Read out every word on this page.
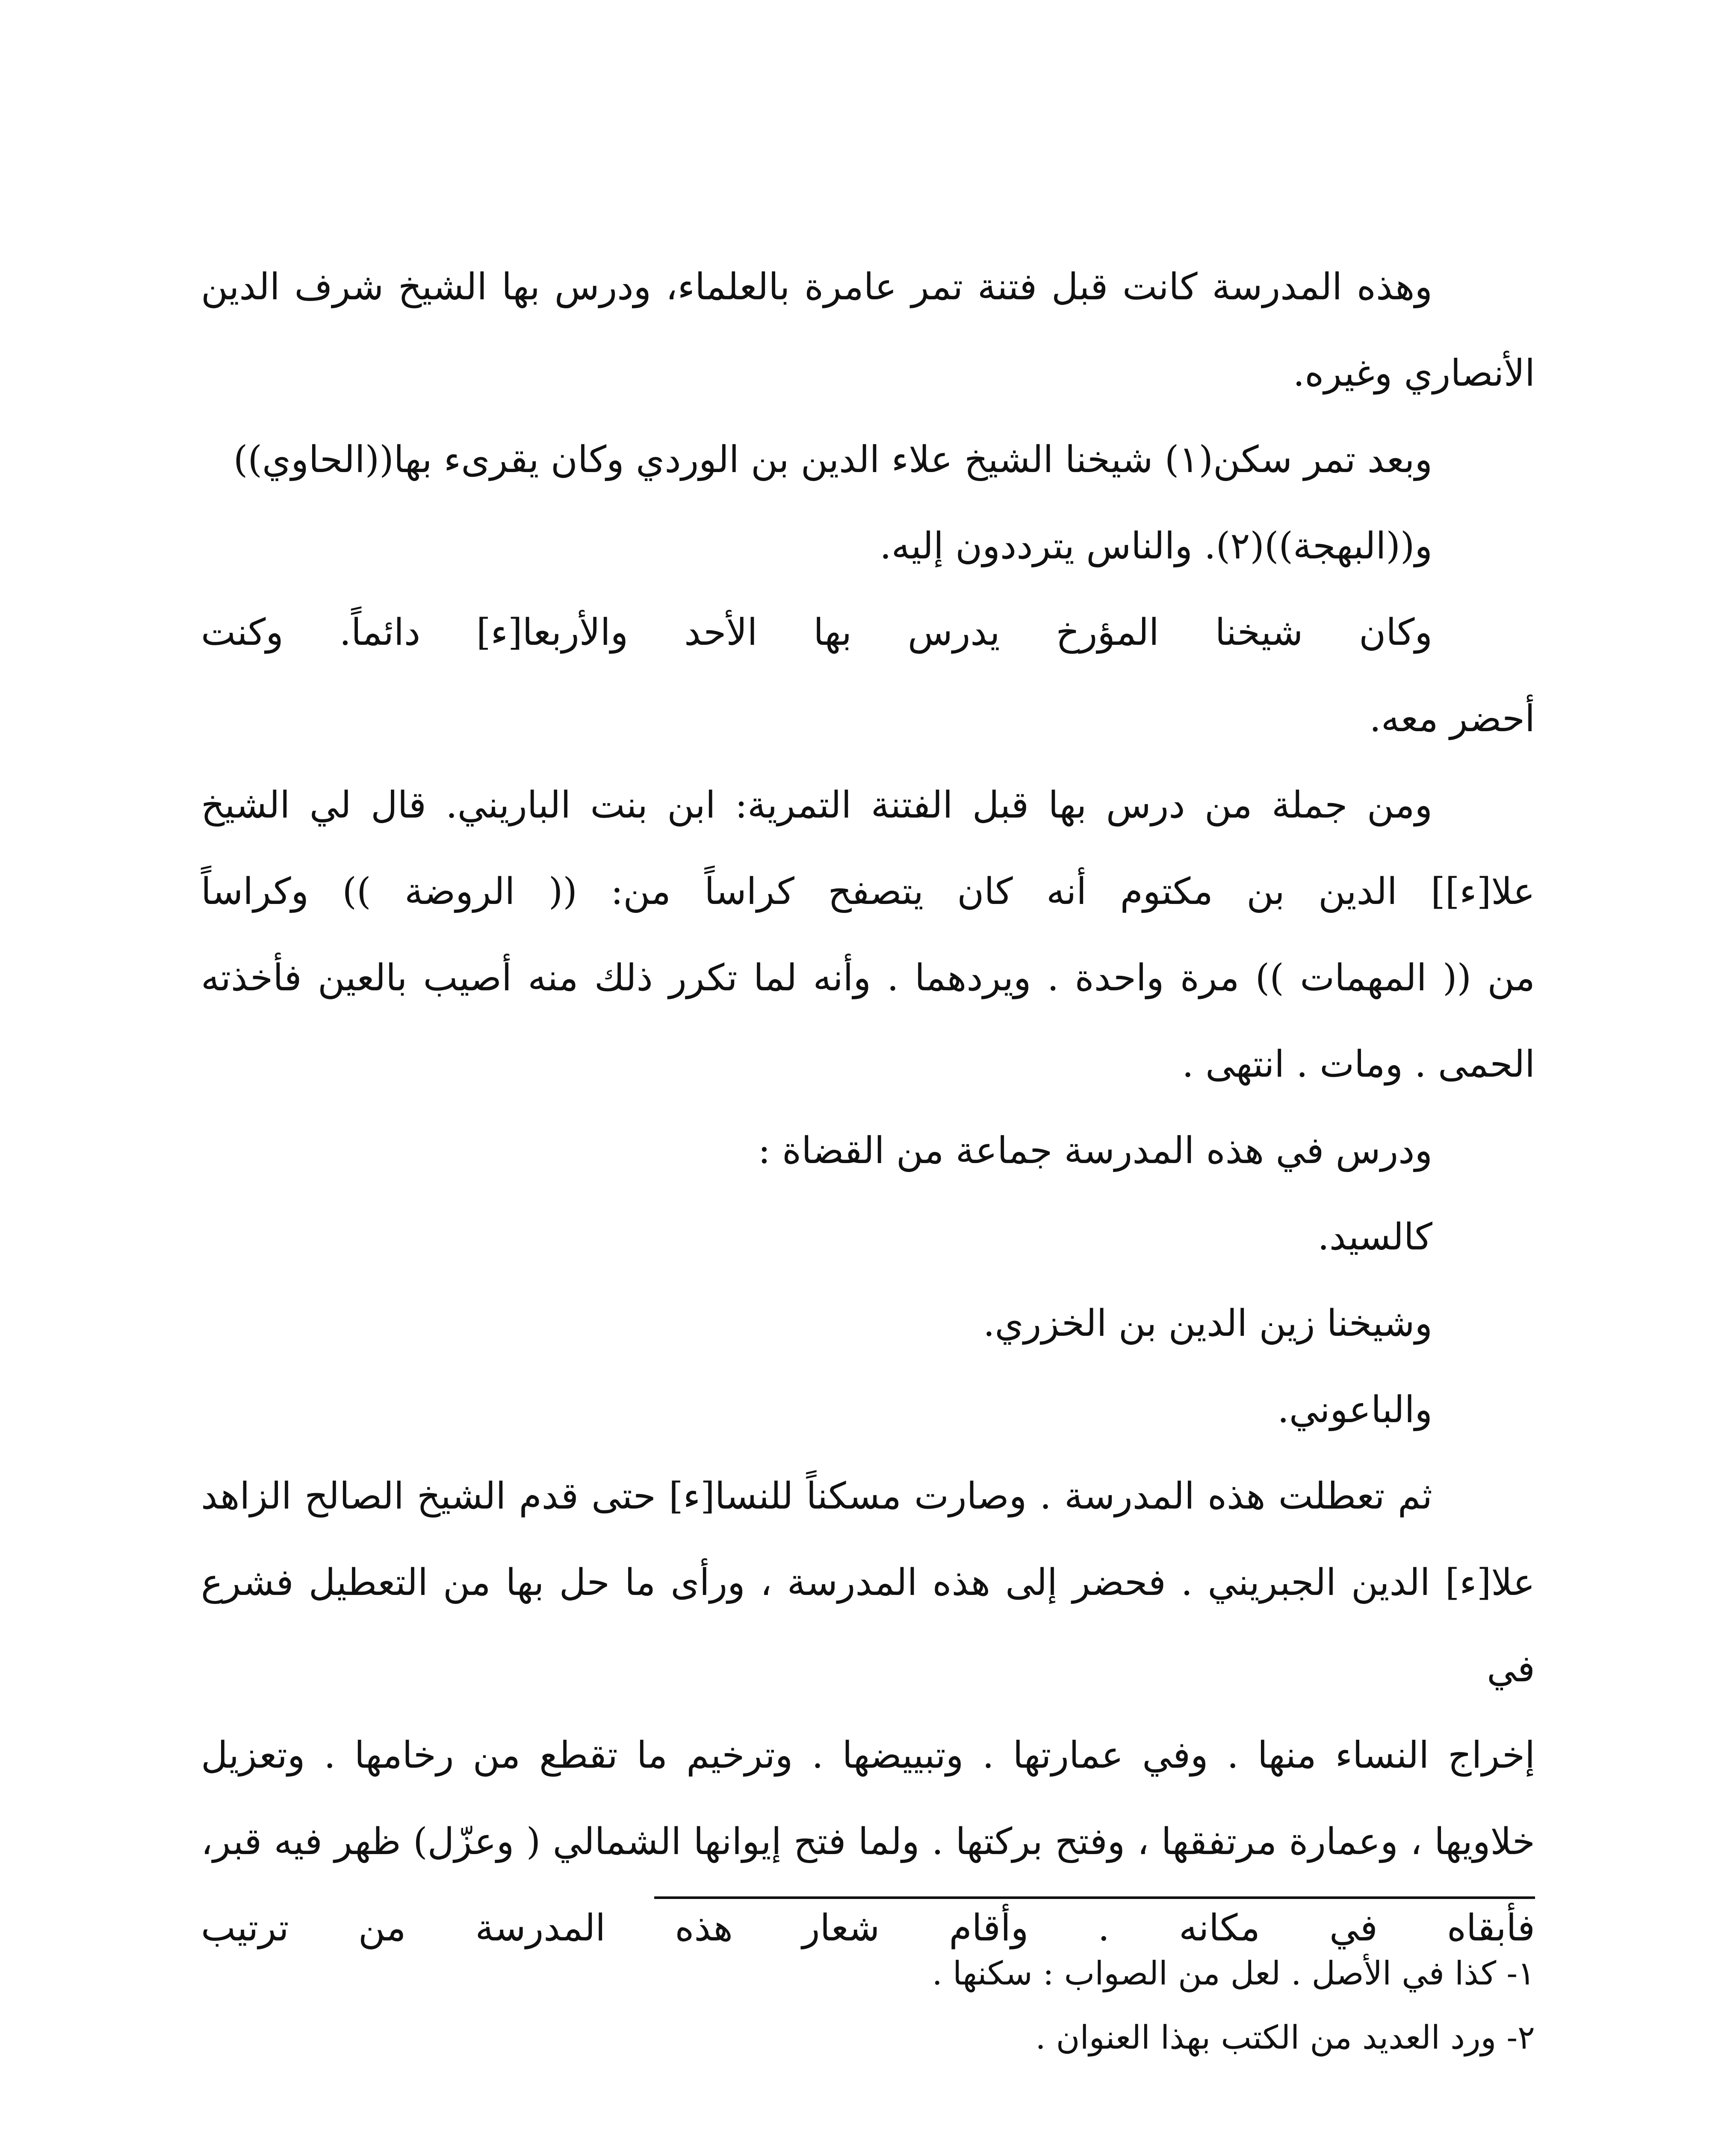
وهذه المدرسة كانت قبل فتنة تمر عامرة بالعلماء، ودرس بها الشيخ شرف الدين
الأنصاري وغيره.
وبعد تمر سكن(١) شيخنا الشيخ علاء الدين بن الوردي وكان يقرىء بها((الحاوي))
و((البهجة))(٢). والناس يترددون إليه.
وكان شيخنا المؤرخ يدرس بها الأحد والأربعا[ء] دائماً. وكنت
أحضر معه.
ومن جملة من درس بها قبل الفتنة التمرية: ابن بنت الباريني. قال لي الشيخ
علا[ء]] الدين بن مكتوم أنه كان يتصفح كراساً من: (( الروضة )) وكراساً
من (( المهمات )) مرة واحدة . ويردهما . وأنه لما تكرر ذلك منه أصيب بالعين فأخذته
الحمى . ومات . انتهى .
ودرس في هذه المدرسة جماعة من القضاة :
كالسيد.
وشيخنا زين الدين بن الخزري.
والباعوني.
ثم تعطلت هذه المدرسة . وصارت مسكناً للنسا[ء] حتى قدم الشيخ الصالح الزاهد
علا[ء] الدين الجبريني . فحضر إلى هذه المدرسة ، ورأى ما حل بها من التعطيل فشرع في
إخراج النساء منها . وفي عمارتها . وتبييضها . وترخيم ما تقطع من رخامها . وتعزيل
خلاويها ، وعمارة مرتفقها ، وفتح بركتها . ولما فتح إيوانها الشمالي ( وعزّل) ظهر فيه قبر،
فأبقاه في مكانه . وأقام شعار هذه المدرسة من ترتيب
١- كذا في الأصل . لعل من الصواب : سكنها .
٢- ورد العديد من الكتب بهذا العنوان .
